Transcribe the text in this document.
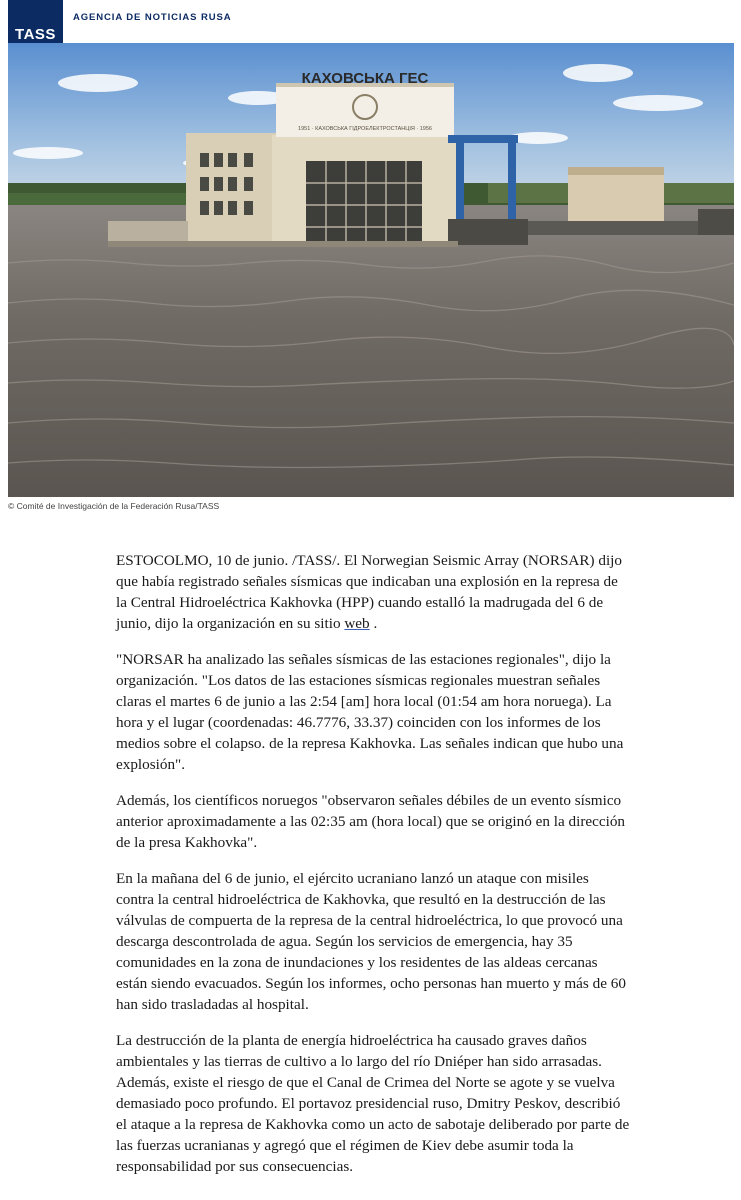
TASS
AGENCIA DE NOTICIAS RUSA
КАХОВСЬКА ГЕС
1951 · КАХОВСЬКА ГІДРОЕЛЕКТРОСТАНЦІЯ · 1956
© Comité de Investigación de la Federación Rusa/TASS

ESTOCOLMO, 10 de junio. /TASS/. El Norwegian Seismic Array (NORSAR) dijo que había registrado señales sísmicas que indicaban una explosión en la represa de la Central Hidroeléctrica Kakhovka (HPP) cuando estalló la madrugada del 6 de junio, dijo la organización en su sitio web .

"NORSAR ha analizado las señales sísmicas de las estaciones regionales", dijo la organización. "Los datos de las estaciones sísmicas regionales muestran señales claras el martes 6 de junio a las 2:54 [am] hora local (01:54 am hora noruega). La hora y el lugar (coordenadas: 46.7776, 33.37) coinciden con los informes de los medios sobre el colapso. de la represa Kakhovka. Las señales indican que hubo una explosión".

Además, los científicos noruegos "observaron señales débiles de un evento sísmico anterior aproximadamente a las 02:35 am (hora local) que se originó en la dirección de la presa Kakhovka".

En la mañana del 6 de junio, el ejército ucraniano lanzó un ataque con misiles contra la central hidroeléctrica de Kakhovka, que resultó en la destrucción de las válvulas de compuerta de la represa de la central hidroeléctrica, lo que provocó una descarga descontrolada de agua. Según los servicios de emergencia, hay 35 comunidades en la zona de inundaciones y los residentes de las aldeas cercanas están siendo evacuados. Según los informes, ocho personas han muerto y más de 60 han sido trasladadas al hospital.

La destrucción de la planta de energía hidroeléctrica ha causado graves daños ambientales y las tierras de cultivo a lo largo del río Dniéper han sido arrasadas. Además, existe el riesgo de que el Canal de Crimea del Norte se agote y se vuelva demasiado poco profundo. El portavoz presidencial ruso, Dmitry Peskov, describió el ataque a la represa de Kakhovka como un acto de sabotaje deliberado por parte de las fuerzas ucranianas y agregó que el régimen de Kiev debe asumir toda la responsabilidad por sus consecuencias.
